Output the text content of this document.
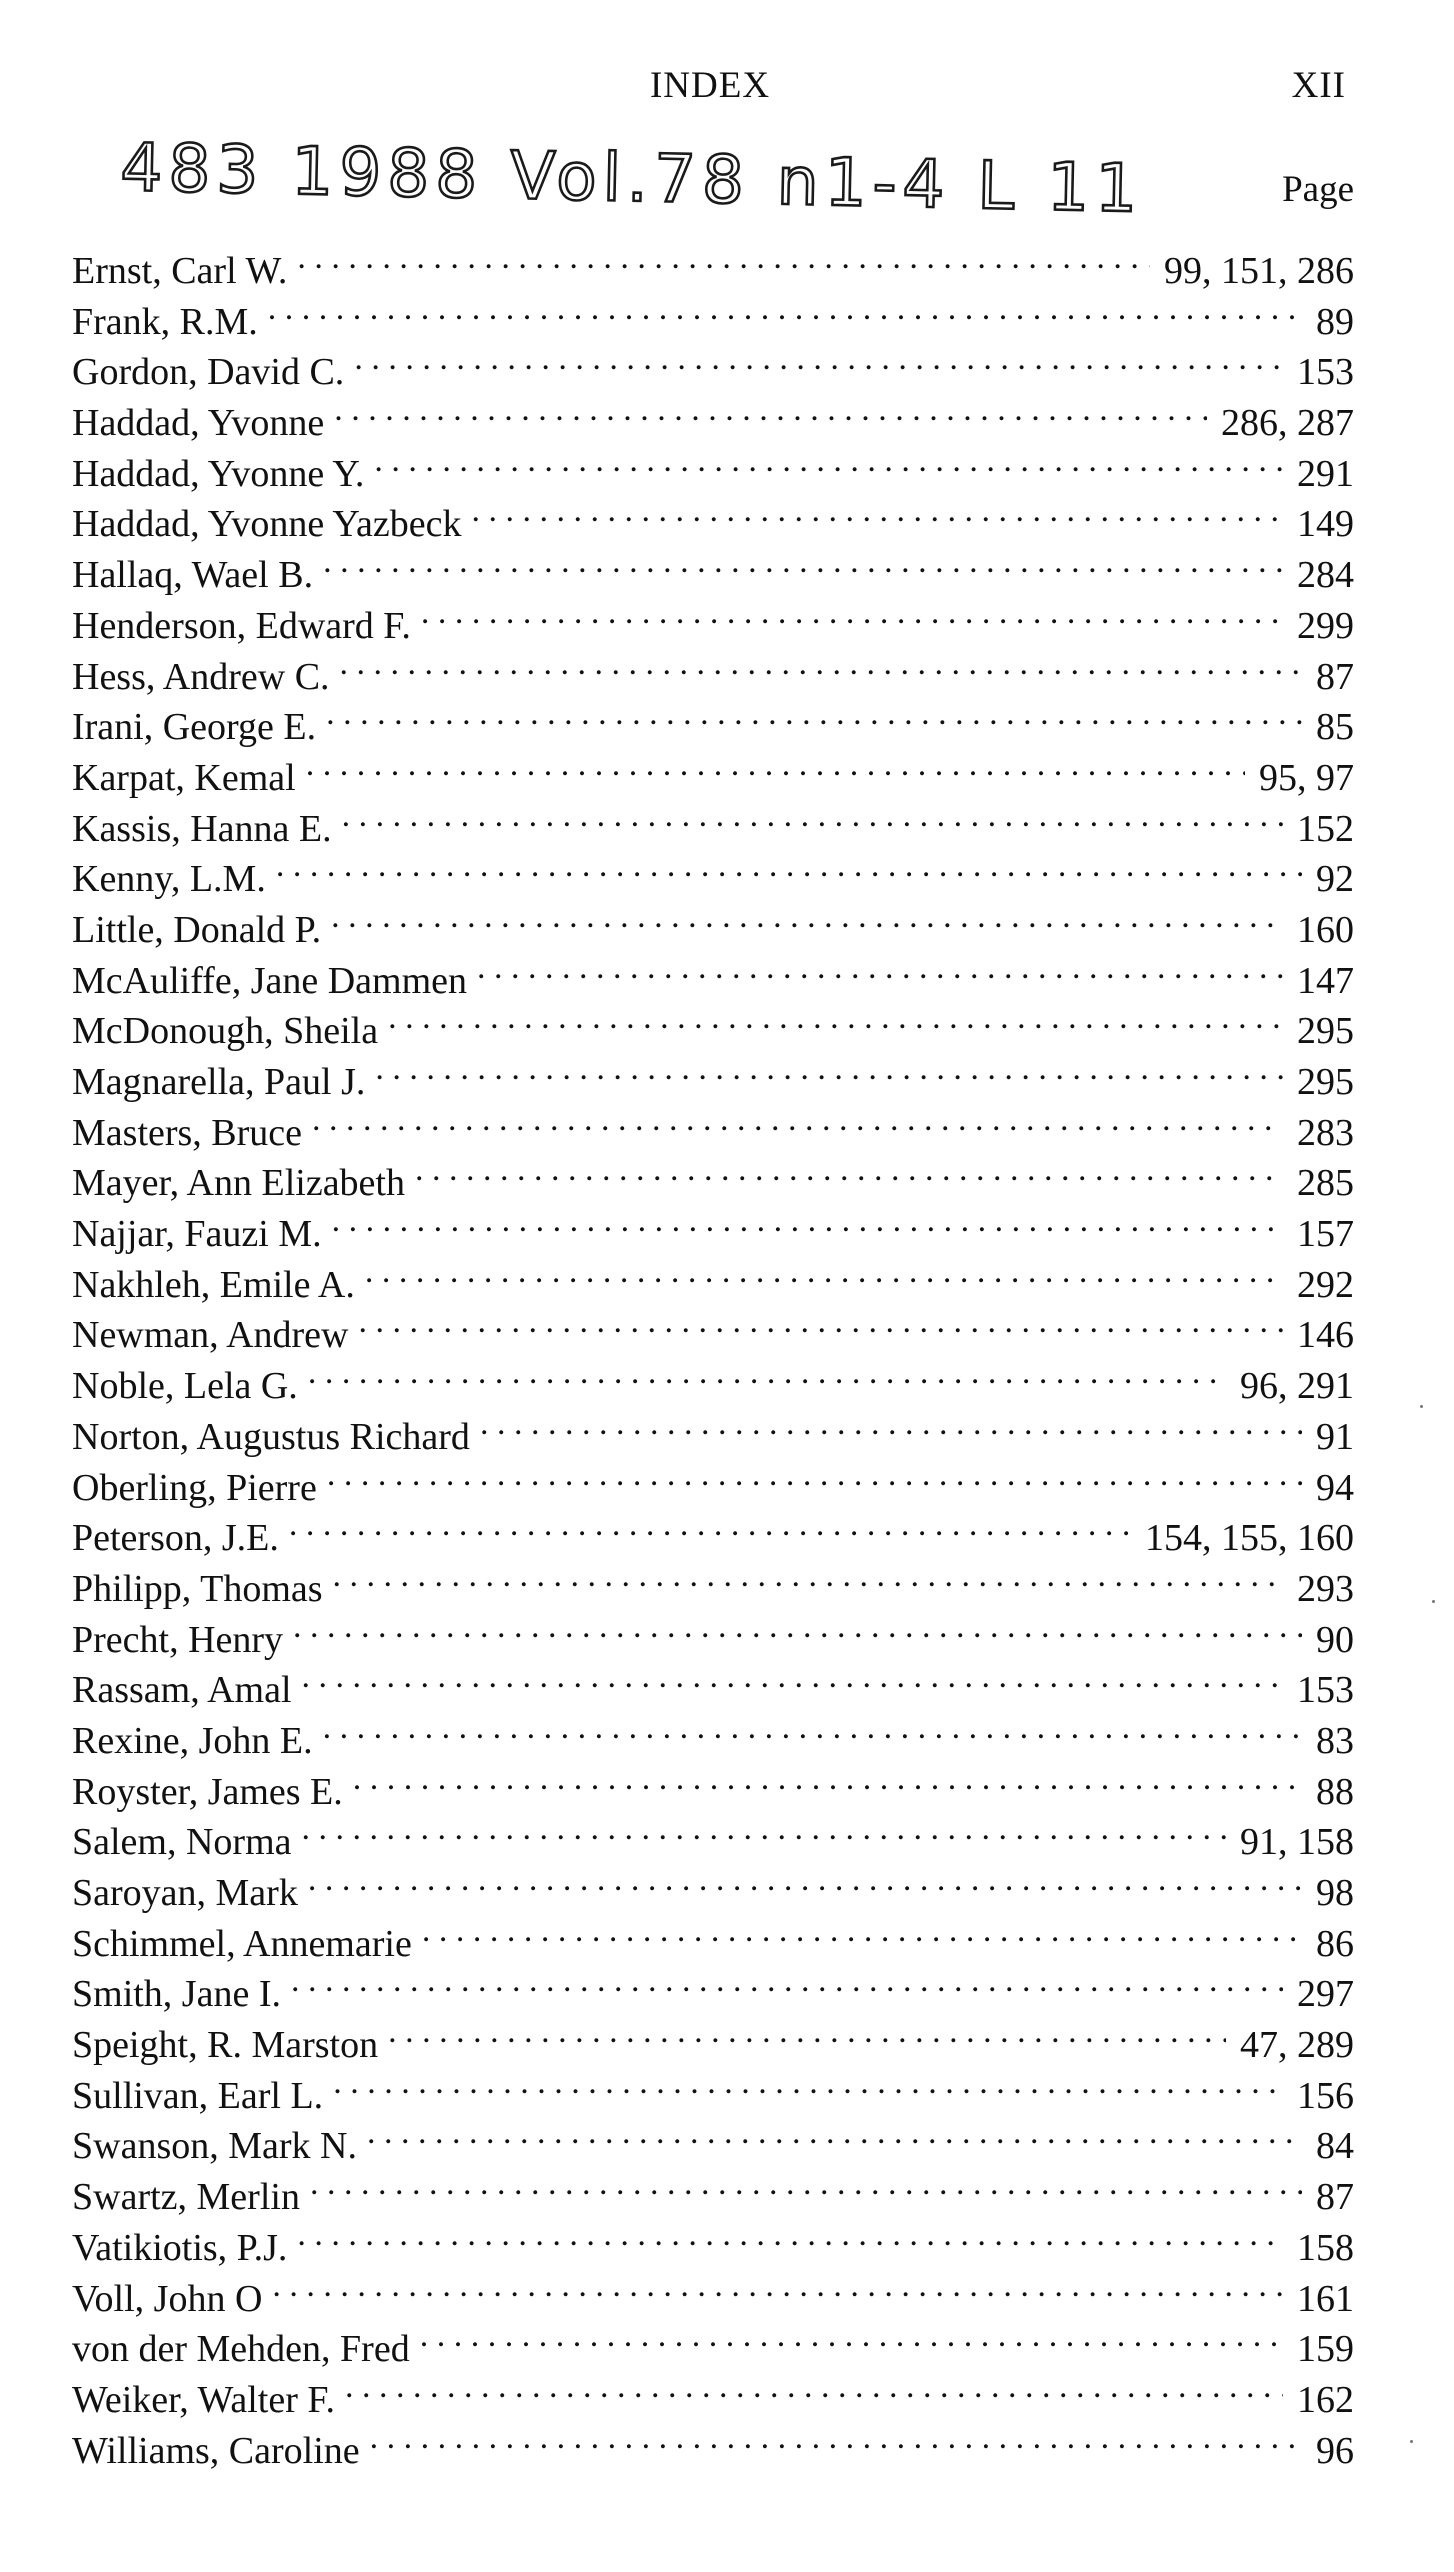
INDEX	XII
483 1988 Vol.78 n1-4 L 11	Page
Ernst, Carl W. . . .	99, 151, 286
Frank, R.M. . . .	89
Gordon, David C. . . .	153
Haddad, Yvonne . . .	286, 287
Haddad, Yvonne Y. . . .	291
Haddad, Yvonne Yazbeck . . .	149
Hallaq, Wael B. . . .	284
Henderson, Edward F. . . .	299
Hess, Andrew C. . . .	87
Irani, George E. . . .	85
Karpat, Kemal . . .	95, 97
Kassis, Hanna E. . . .	152
Kenny, L.M. . . .	92
Little, Donald P. . . .	160
McAuliffe, Jane Dammen . . .	147
McDonough, Sheila . . .	295
Magnarella, Paul J. . . .	295
Masters, Bruce . . .	283
Mayer, Ann Elizabeth . . .	285
Najjar, Fauzi M. . . .	157
Nakhleh, Emile A. . . .	292
Newman, Andrew . . .	146
Noble, Lela G. . . .	96, 291
Norton, Augustus Richard . . .	91
Oberling, Pierre . . .	94
Peterson, J.E. . . .	154, 155, 160
Philipp, Thomas . . .	293
Precht, Henry . . .	90
Rassam, Amal . . .	153
Rexine, John E. . . .	83
Royster, James E. . . .	88
Salem, Norma . . .	91, 158
Saroyan, Mark . . .	98
Schimmel, Annemarie . . .	86
Smith, Jane I. . . .	297
Speight, R. Marston . . .	47, 289
Sullivan, Earl L. . . .	156
Swanson, Mark N. . . .	84
Swartz, Merlin . . .	87
Vatikiotis, P.J. . . .	158
Voll, John O . . .	161
von der Mehden, Fred . . .	159
Weiker, Walter F. . . .	162
Williams, Caroline . . .	96
